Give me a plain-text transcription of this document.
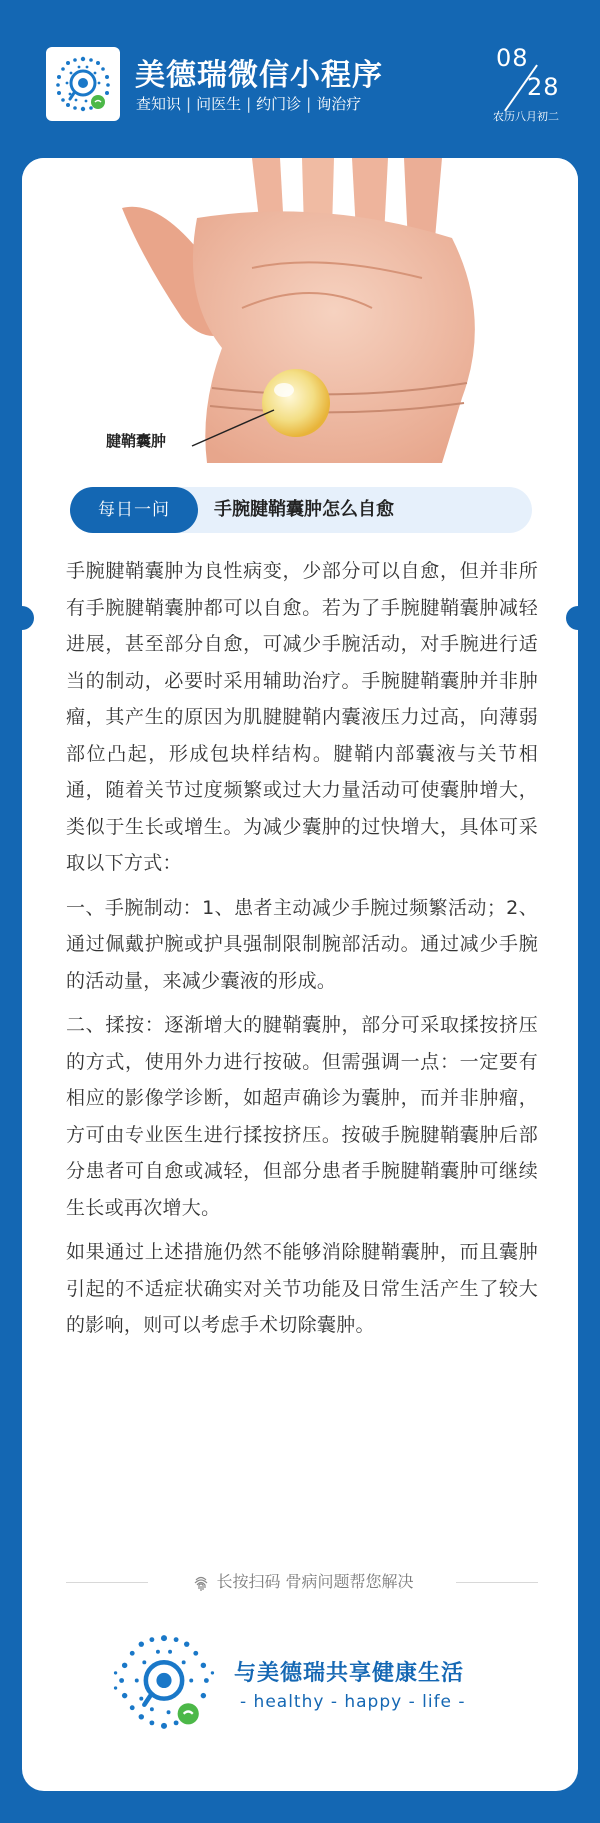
美德瑞微信小程序
查知识 | 问医生 | 约门诊 | 询治疗
08
28
农历八月初二
腱鞘囊肿
每日一问	手腕腱鞘囊肿怎么自愈

手腕腱鞘囊肿为良性病变，少部分可以自愈，但并非所有手腕腱鞘囊肿都可以自愈。若为了手腕腱鞘囊肿减轻进展，甚至部分自愈，可减少手腕活动，对手腕进行适当的制动，必要时采用辅助治疗。手腕腱鞘囊肿并非肿瘤，其产生的原因为肌腱腱鞘内囊液压力过高，向薄弱部位凸起，形成包块样结构。腱鞘内部囊液与关节相通，随着关节过度频繁或过大力量活动可使囊肿增大，类似于生长或增生。为减少囊肿的过快增大，具体可采取以下方式：

一、手腕制动：1、患者主动减少手腕过频繁活动；2、通过佩戴护腕或护具强制限制腕部活动。通过减少手腕的活动量，来减少囊液的形成。

二、揉按：逐渐增大的腱鞘囊肿，部分可采取揉按挤压的方式，使用外力进行按破。但需强调一点：一定要有相应的影像学诊断，如超声确诊为囊肿，而并非肿瘤，方可由专业医生进行揉按挤压。按破手腕腱鞘囊肿后部分患者可自愈或减轻，但部分患者手腕腱鞘囊肿可继续生长或再次增大。

如果通过上述措施仍然不能够消除腱鞘囊肿，而且囊肿引起的不适症状确实对关节功能及日常生活产生了较大的影响，则可以考虑手术切除囊肿。

长按扫码 骨病问题帮您解决
与美德瑞共享健康生活
- healthy - happy - life -
